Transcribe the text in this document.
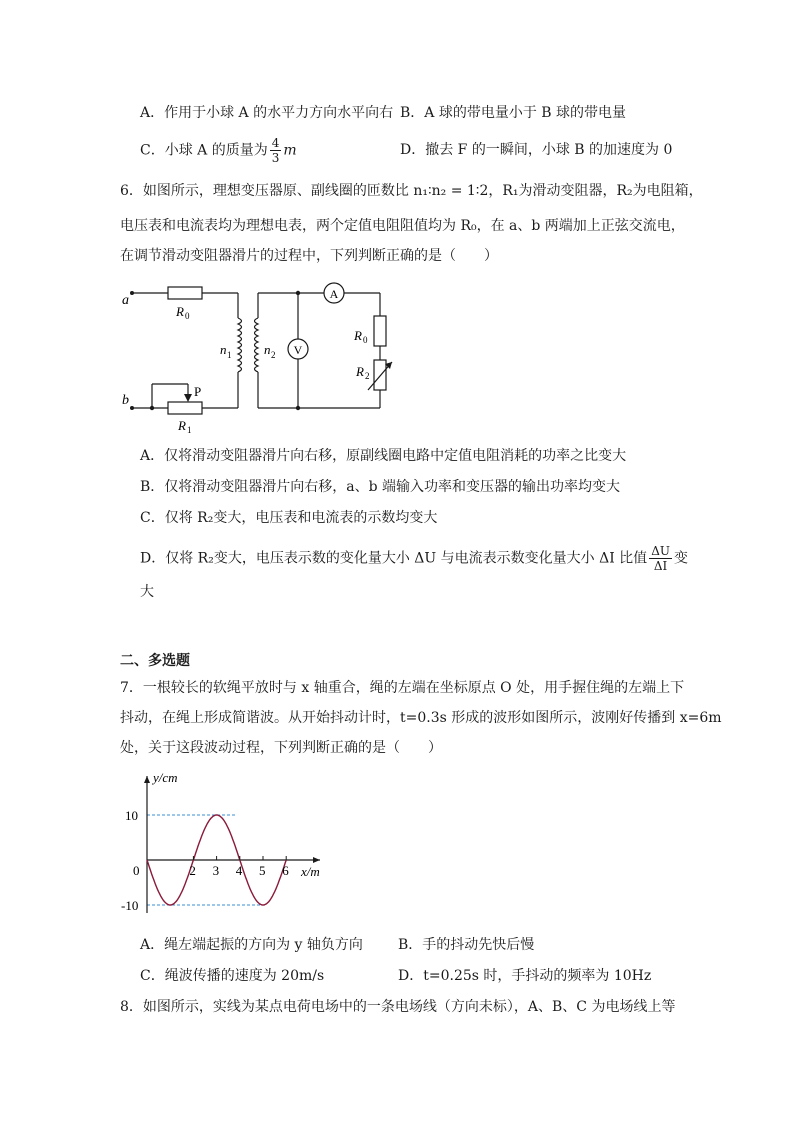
A．作用于小球 A 的水平力方向水平向右 B．A 球的带电量小于 B 球的带电量
C．小球 A 的质量为 $\frac{4}{3}$ m	D．撤去 F 的一瞬间，小球 B 的加速度为 0
6．如图所示，理想变压器原、副线圈的匝数比 n₁∶n₂ = 1∶2，R₁为滑动变阻器，R₂为电阻箱，
电压表和电流表均为理想电表，两个定值电阻阻值均为 R₀，在 a、b 两端加上正弦交流电，
在调节滑动变阻器滑片的过程中，下列判断正确的是（　　）
A
V
a
b
R 0
n 1	n 2
P
R 1
R 0
R 2
A．仅将滑动变阻器滑片向右移，原副线圈电路中定值电阻消耗的功率之比变大
B．仅将滑动变阻器滑片向右移，a、b 端输入功率和变压器的输出功率均变大
C．仅将 R₂变大，电压表和电流表的示数均变大
D．仅将 R₂变大，电压表示数的变化量大小 ΔU 与电流表示数变化量大小 ΔI 比值 $\frac{\Delta U}{\Delta I}$ 变
大
二、多选题
7．一根较长的软绳平放时与 x 轴重合，绳的左端在坐标原点 O 处，用手握住绳的左端上下
抖动，在绳上形成简谐波。从开始抖动计时，t=0.3s 形成的波形如图所示，波刚好传播到 x=6m
处，关于这段波动过程，下列判断正确的是（　　）
y/cm
x/m
10
-10
0	2 3 4 5 6
A．绳左端起振的方向为 y 轴负方向	B．手的抖动先快后慢
C．绳波传播的速度为 20m/s	D．t=0.25s 时，手抖动的频率为 10Hz
8．如图所示，实线为某点电荷电场中的一条电场线（方向未标），A、B、C 为电场线上等
